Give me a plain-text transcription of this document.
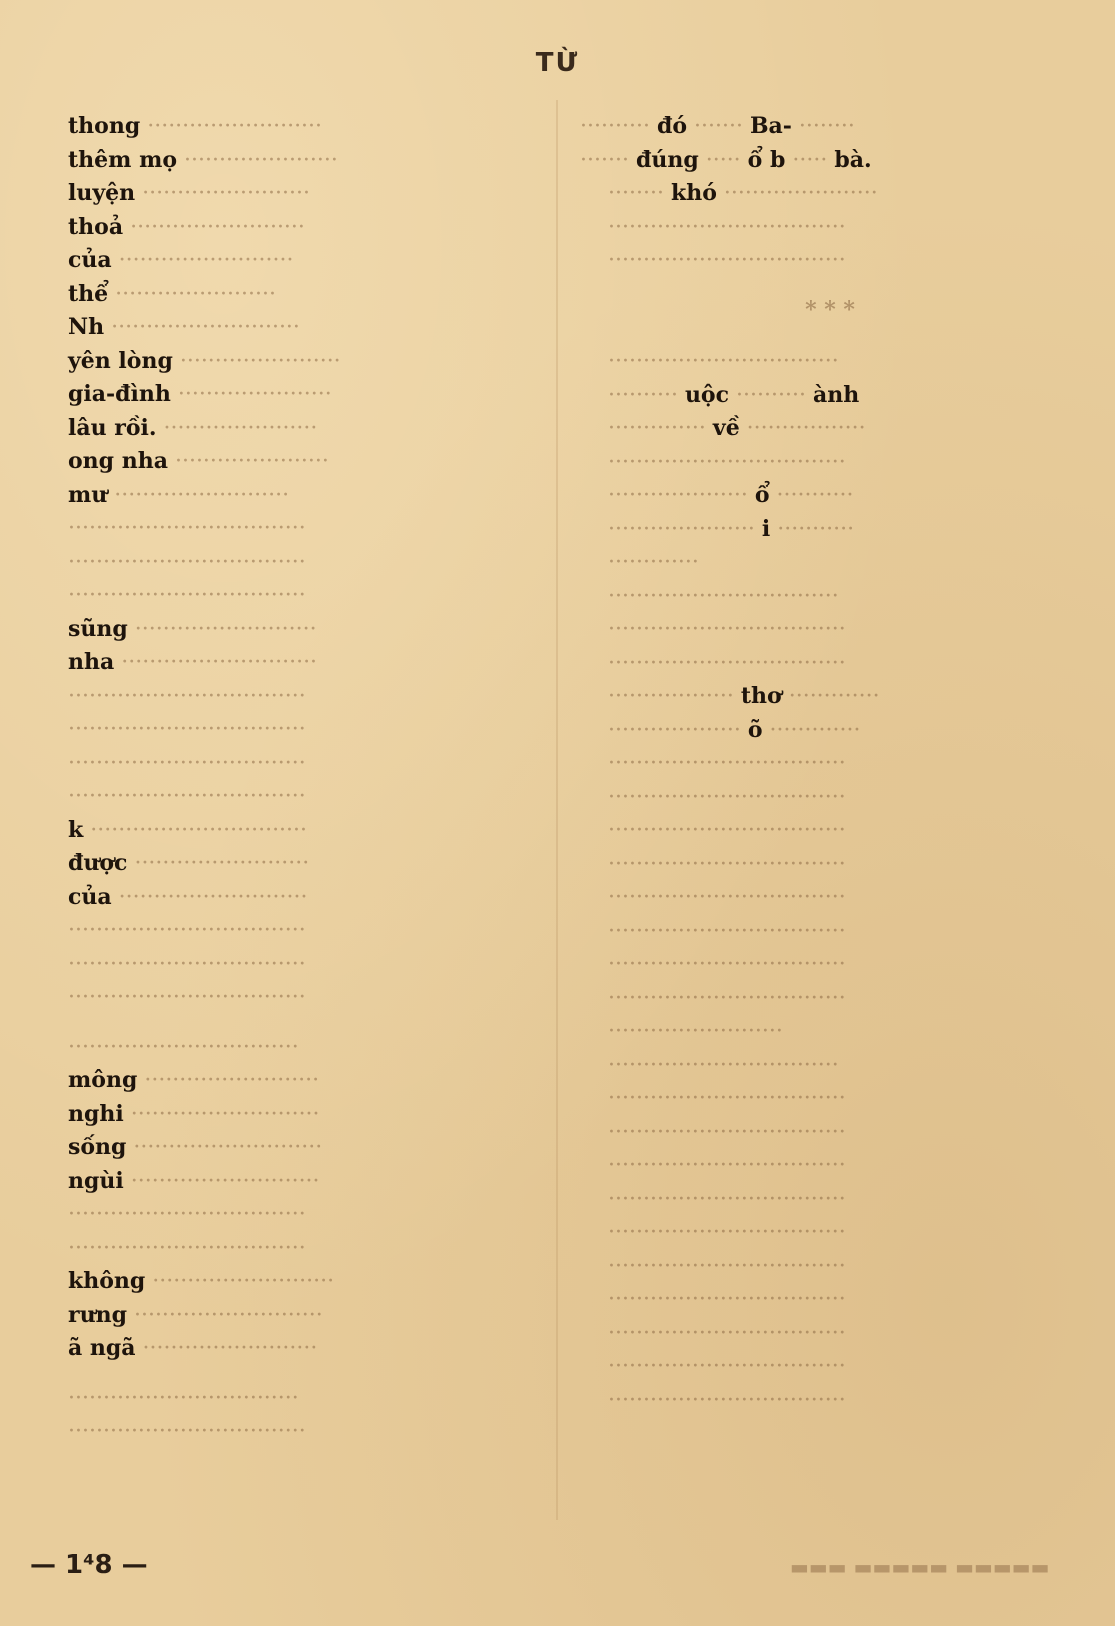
TỪ
thong ·························
thêm mọ ······················
luyện ························
thoả ·························
của ·························
thể ·······················
Nh ···························
yên lòng ·······················
gia-đình ······················
lâu rồi. ······················
ong nha ······················
mư ·························
··································
··································
··································
sũng ··························
nha ····························
··································
··································
··································
··································
k ·······························
được ·························
của ···························
··································
··································
··································
·································
mông ·························
nghi ···························
sống ···························
ngùi ···························
··································
··································
không ··························
rưng ···························
ã ngã ·························
·································
··································
·········· đó ······· Ba- ········
······· đúng ····· ổ b ····· bà.
········ khó ······················
··································
··································
* * *
·································
·········· uộc ·········· ành
·············· về ·················
··································
···················· ổ ···········
····················· i ···········
·············
·································
··································
··································
·················· thơ ·············
··················· õ ·············
··································
··································
··································
··································
··································
··································
··································
··································
·························
·································
··································
··································
··································
··································
··································
··································
··································
··································
··································
··································
— 1⁴8 —	▬▬▬ ▬▬▬▬▬ ▬▬▬▬▬
